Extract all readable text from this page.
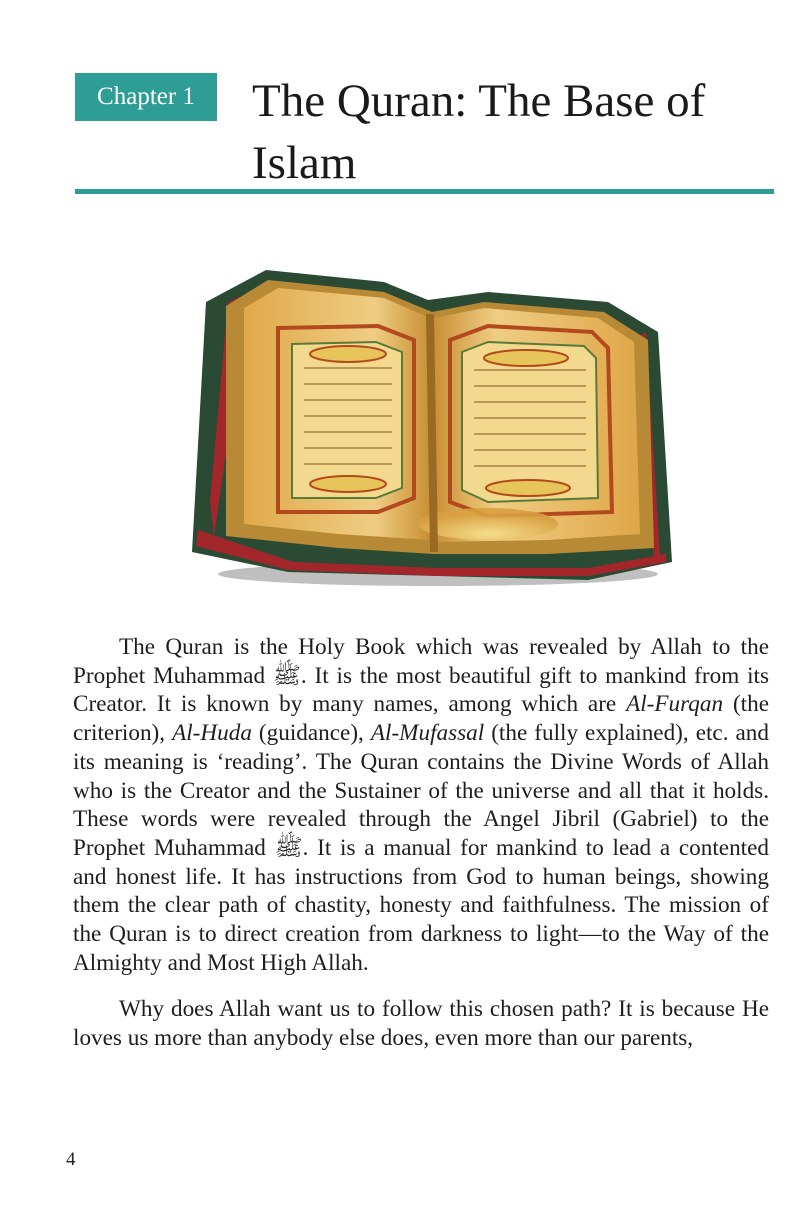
Chapter 1	The Quran: The Base of Islam

The Quran is the Holy Book which was revealed by Allah to the Prophet Muhammad ﷺ. It is the most beautiful gift to mankind from its Creator. It is known by many names, among which are Al-Furqan (the criterion), Al-Huda (guidance), Al-Mufassal (the fully explained), etc. and its meaning is ‘reading’. The Quran contains the Divine Words of Allah who is the Creator and the Sustainer of the universe and all that it holds. These words were revealed through the Angel Jibril (Gabriel) to the Prophet Muhammad ﷺ. It is a manual for mankind to lead a contented and honest life. It has instructions from God to human beings, showing them the clear path of chastity, honesty and faithfulness. The mission of the Quran is to direct creation from darkness to light—to the Way of the Almighty and Most High Allah.

Why does Allah want us to follow this chosen path? It is because He loves us more than anybody else does, even more than our parents,

4
